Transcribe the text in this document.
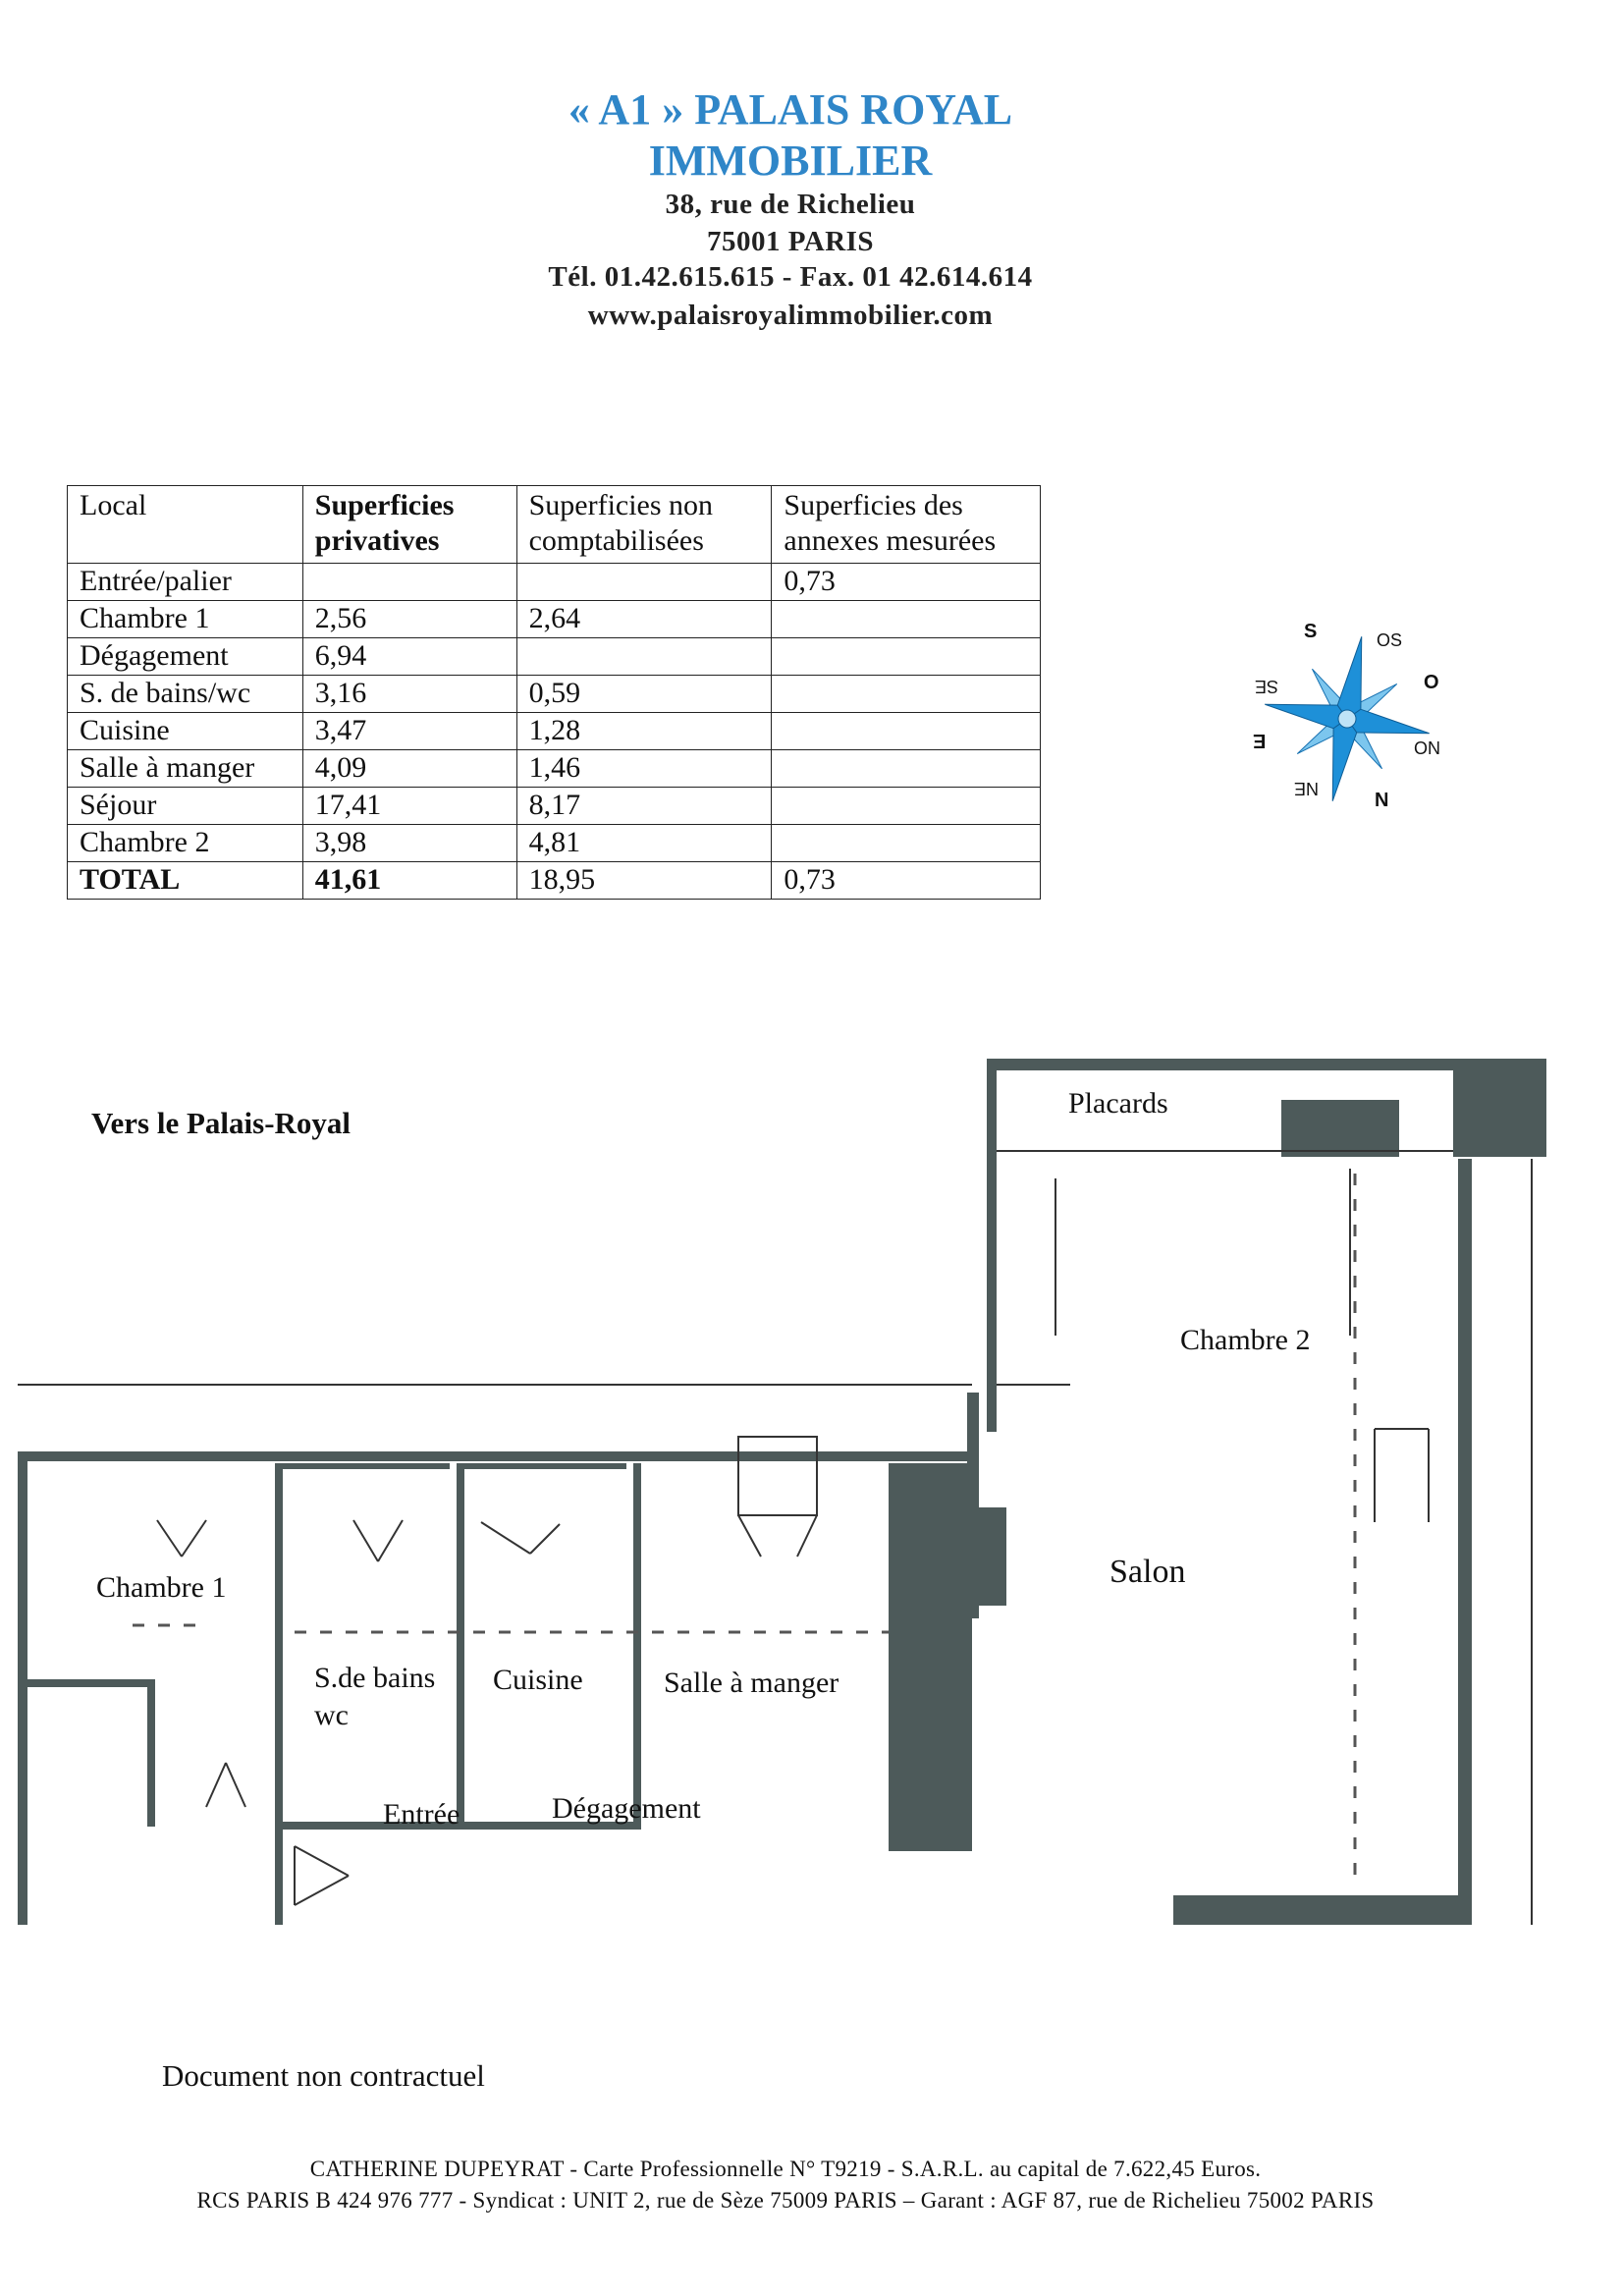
« A1 » PALAIS ROYAL
IMMOBILIER
38, rue de Richelieu
75001 PARIS
Tél. 01.42.615.615 - Fax. 01 42.614.614
www.palaisroyalimmobilier.com
Local	Superficies privatives	Superficies non comptabilisées	Superficies des annexes mesurées
Entrée/palier			0,73
Chambre 1	2,56	2,64	
Dégagement	6,94		
S. de bains/wc	3,16	0,59	
Cuisine	3,47	1,28	
Salle à manger	4,09	1,46	
Séjour	17,41	8,17	
Chambre 2	3,98	4,81	
TOTAL	41,61	18,95	0,73
S	OS
SE	O
E	NO
NE
N
Vers le Palais-Royal
Placards
Chambre 2
Salon
Chambre 1
S.de bains
wc
Cuisine	Salle à manger
Entrée	Dégagement
Document non contractuel
CATHERINE DUPEYRAT - Carte Professionnelle N° T9219 - S.A.R.L. au capital de 7.622,45 Euros.
RCS PARIS B 424 976 777 - Syndicat : UNIT 2, rue de Sèze 75009 PARIS – Garant : AGF 87, rue de Richelieu 75002 PARIS
